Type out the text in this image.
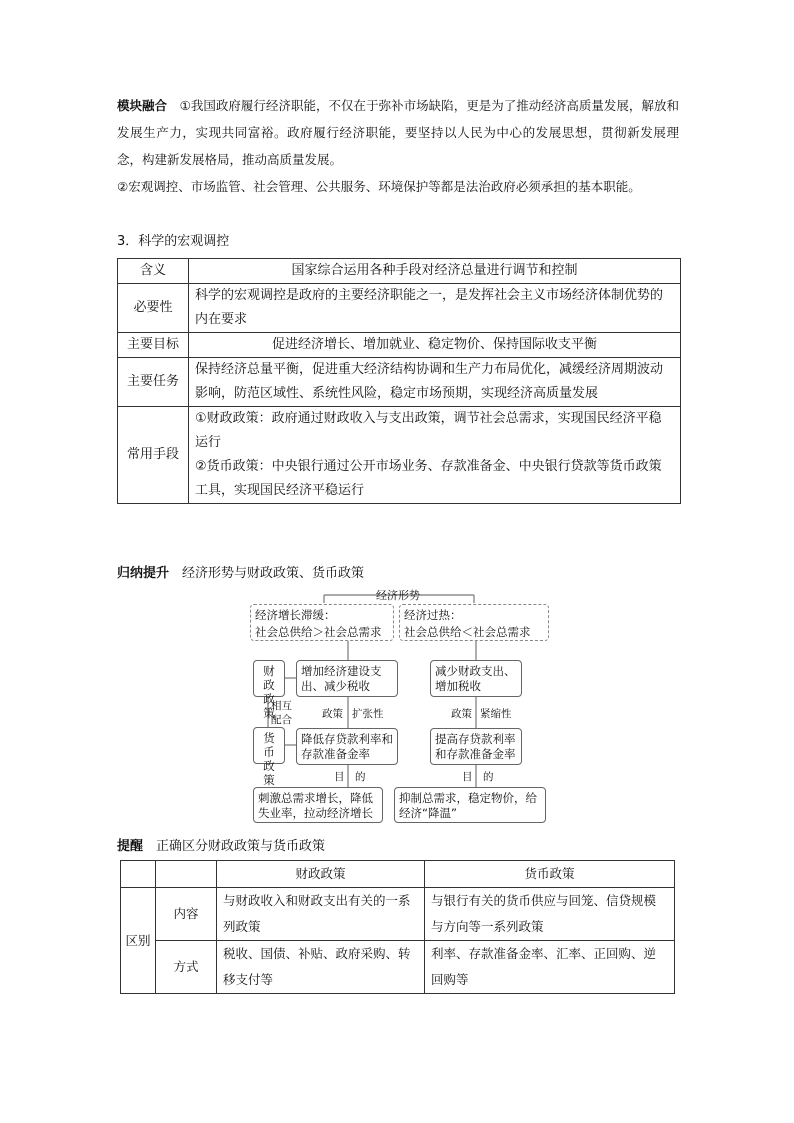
模块融合　 ①我国政府履行经济职能，不仅在于弥补市场缺陷，更是为了推动经济高质量发展，解放和发展生产力，实现共同富裕。政府履行经济职能，要坚持以人民为中心的发展思想，贯彻新发展理念，构建新发展格局，推动高质量发展。
②宏观调控、市场监管、社会管理、公共服务、环境保护等都是法治政府必须承担的基本职能。
3．科学的宏观调控
含义	国家综合运用各种手段对经济总量进行调节和控制
必要性	科学的宏观调控是政府的主要经济职能之一，是发挥社会主义市场经济体制优势的内在要求
主要目标	促进经济增长、增加就业、稳定物价、保持国际收支平衡
主要任务	保持经济总量平衡，促进重大经济结构协调和生产力布局优化，减缓经济周期波动影响，防范区域性、系统性风险，稳定市场预期，实现经济高质量发展
常用手段	①财政政策：政府通过财政收入与支出政策，调节社会总需求，实现国民经济平稳运行
②货币政策：中央银行通过公开市场业务、存款准备金、中央银行贷款等货币政策工具，实现国民经济平稳运行
归纳提升　 经济形势与财政政策、货币政策
经济形势
经济增长滞缓：
社会总供给＞社会总需求
经济过热：
社会总供给＜社会总需求
财政政策
增加经济建设支出、减少税收
减少财政支出、增加税收
相互配合	政策 扩张性	政策 紧缩性
货币政策
降低存贷款利率和存款准备金率
提高存贷款利率和存款准备金率
目　的	目　的
刺激总需求增长，降低失业率，拉动经济增长
抑制总需求，稳定物价，给经济“降温”
提醒　 正确区分财政政策与货币政策
		财政政策	货币政策
区别	内容	与财政收入和财政支出有关的一系列政策	与银行有关的货币供应与回笼、信贷规模与方向等一系列政策
	方式	税收、国债、补贴、政府采购、转移支付等	利率、存款准备金率、汇率、正回购、逆回购等
